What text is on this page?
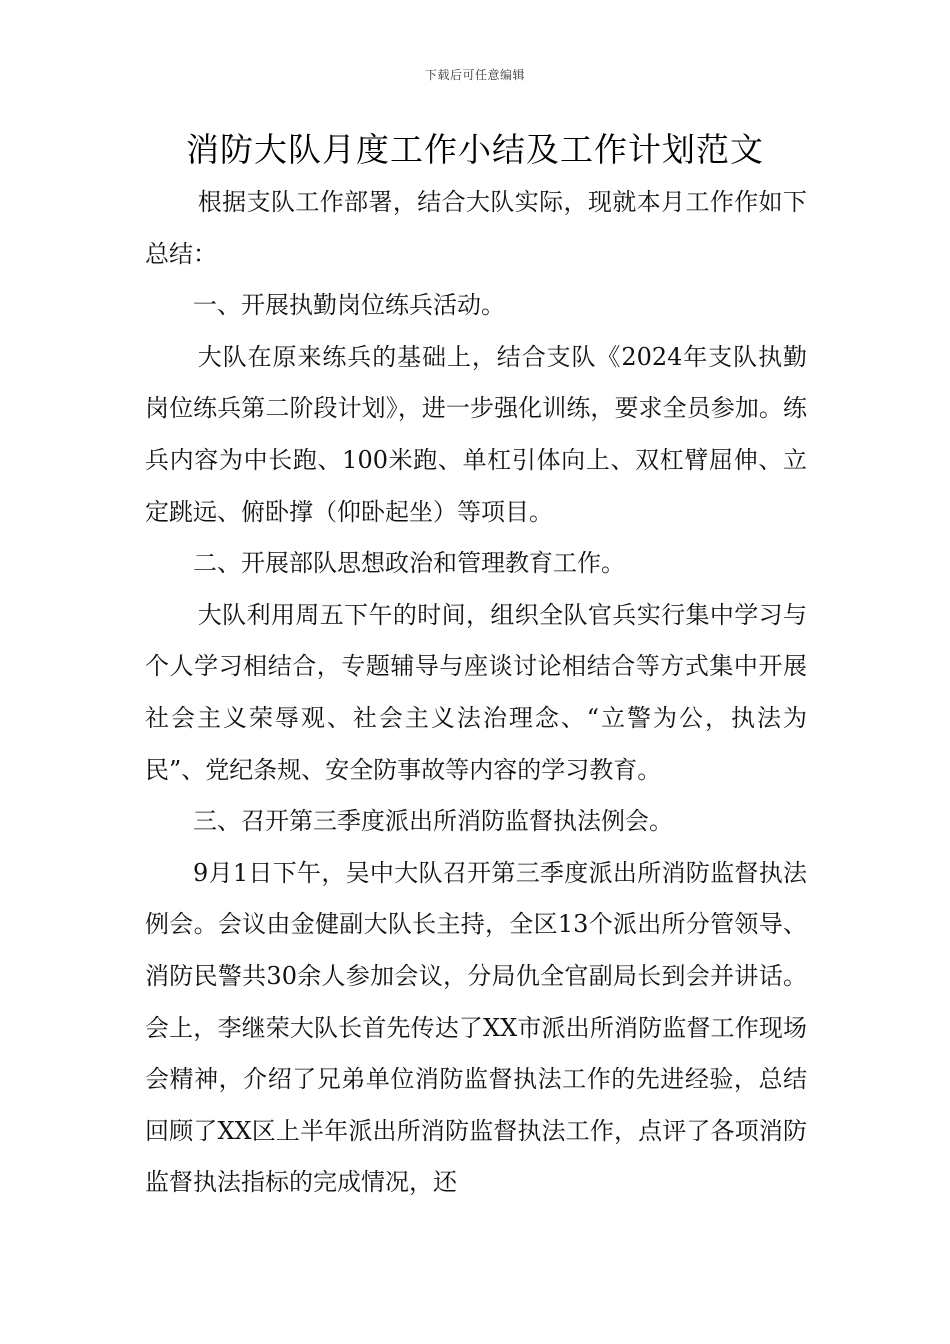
下载后可任意编辑
消防大队月度工作小结及工作计划范文

根据支队工作部署，结合大队实际，现就本月工作作如下总结：

一、开展执勤岗位练兵活动。

大队在原来练兵的基础上，结合支队《2024年支队执勤岗位练兵第二阶段计划》，进一步强化训练，要求全员参加。练兵内容为中长跑、100米跑、单杠引体向上、双杠臂屈伸、立定跳远、俯卧撑（仰卧起坐）等项目。

二、开展部队思想政治和管理教育工作。

大队利用周五下午的时间，组织全队官兵实行集中学习与个人学习相结合，专题辅导与座谈讨论相结合等方式集中开展社会主义荣辱观、社会主义法治理念、“立警为公，执法为民”、党纪条规、安全防事故等内容的学习教育。

三、召开第三季度派出所消防监督执法例会。

9月1日下午，吴中大队召开第三季度派出所消防监督执法例会。会议由金健副大队长主持，全区13个派出所分管领导、消防民警共30余人参加会议，分局仇全官副局长到会并讲话。会上，李继荣大队长首先传达了XX市派出所消防监督工作现场会精神，介绍了兄弟单位消防监督执法工作的先进经验，总结回顾了XX区上半年派出所消防监督执法工作，点评了各项消防监督执法指标的完成情况，还
